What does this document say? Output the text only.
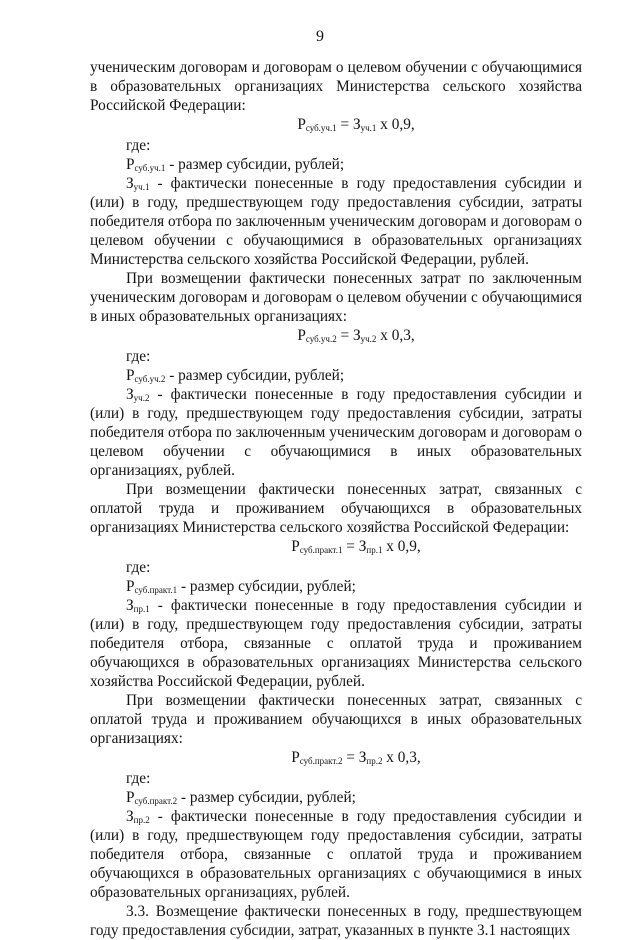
9

ученическим договорам и договорам о целевом обучении с обучающимися в образовательных организациях Министерства сельского хозяйства Российской Федерации:

$Р_{суб.уч.1} = З_{уч.1}$ х 0,9,

где:

$Р_{суб.уч.1}$ - размер субсидии, рублей;

$З_{уч.1}$ - фактически понесенные в году предоставления субсидии и (или) в году, предшествующем году предоставления субсидии, затраты победителя отбора по заключенным ученическим договорам и договорам о целевом обучении с обучающимися в образовательных организациях Министерства сельского хозяйства Российской Федерации, рублей.

При возмещении фактически понесенных затрат по заключенным ученическим договорам и договорам о целевом обучении с обучающимися в иных образовательных организациях:

$Р_{суб.уч.2} = З_{уч.2}$ х 0,3,

где:

$Р_{суб.уч.2}$ - размер субсидии, рублей;

$З_{уч.2}$ - фактически понесенные в году предоставления субсидии и (или) в году, предшествующем году предоставления субсидии, затраты победителя отбора по заключенным ученическим договорам и договорам о целевом обучении с обучающимися в иных образовательных организациях, рублей.

При возмещении фактически понесенных затрат, связанных с оплатой труда и проживанием обучающихся в образовательных организациях Министерства сельского хозяйства Российской Федерации:

$Р_{суб.практ.1} = З_{пр.1}$ х 0,9,

где:

$Р_{суб.практ.1}$ - размер субсидии, рублей;

$З_{пр.1}$ - фактически понесенные в году предоставления субсидии и (или) в году, предшествующем году предоставления субсидии, затраты победителя отбора, связанные с оплатой труда и проживанием обучающихся в образовательных организациях Министерства сельского хозяйства Российской Федерации, рублей.

При возмещении фактически понесенных затрат, связанных с оплатой труда и проживанием обучающихся в иных образовательных организациях:

$Р_{суб.практ.2} = З_{пр.2}$ х 0,3,

где:

$Р_{суб.практ.2}$ - размер субсидии, рублей;

$З_{пр.2}$ - фактически понесенные в году предоставления субсидии и (или) в году, предшествующем году предоставления субсидии, затраты победителя отбора, связанные с оплатой труда и проживанием обучающихся в образовательных организациях с обучающимися в иных образовательных организациях, рублей.

3.3. Возмещение фактически понесенных в году, предшествующем году предоставления субсидии, затрат, указанных в пункте 3.1 настоящих
